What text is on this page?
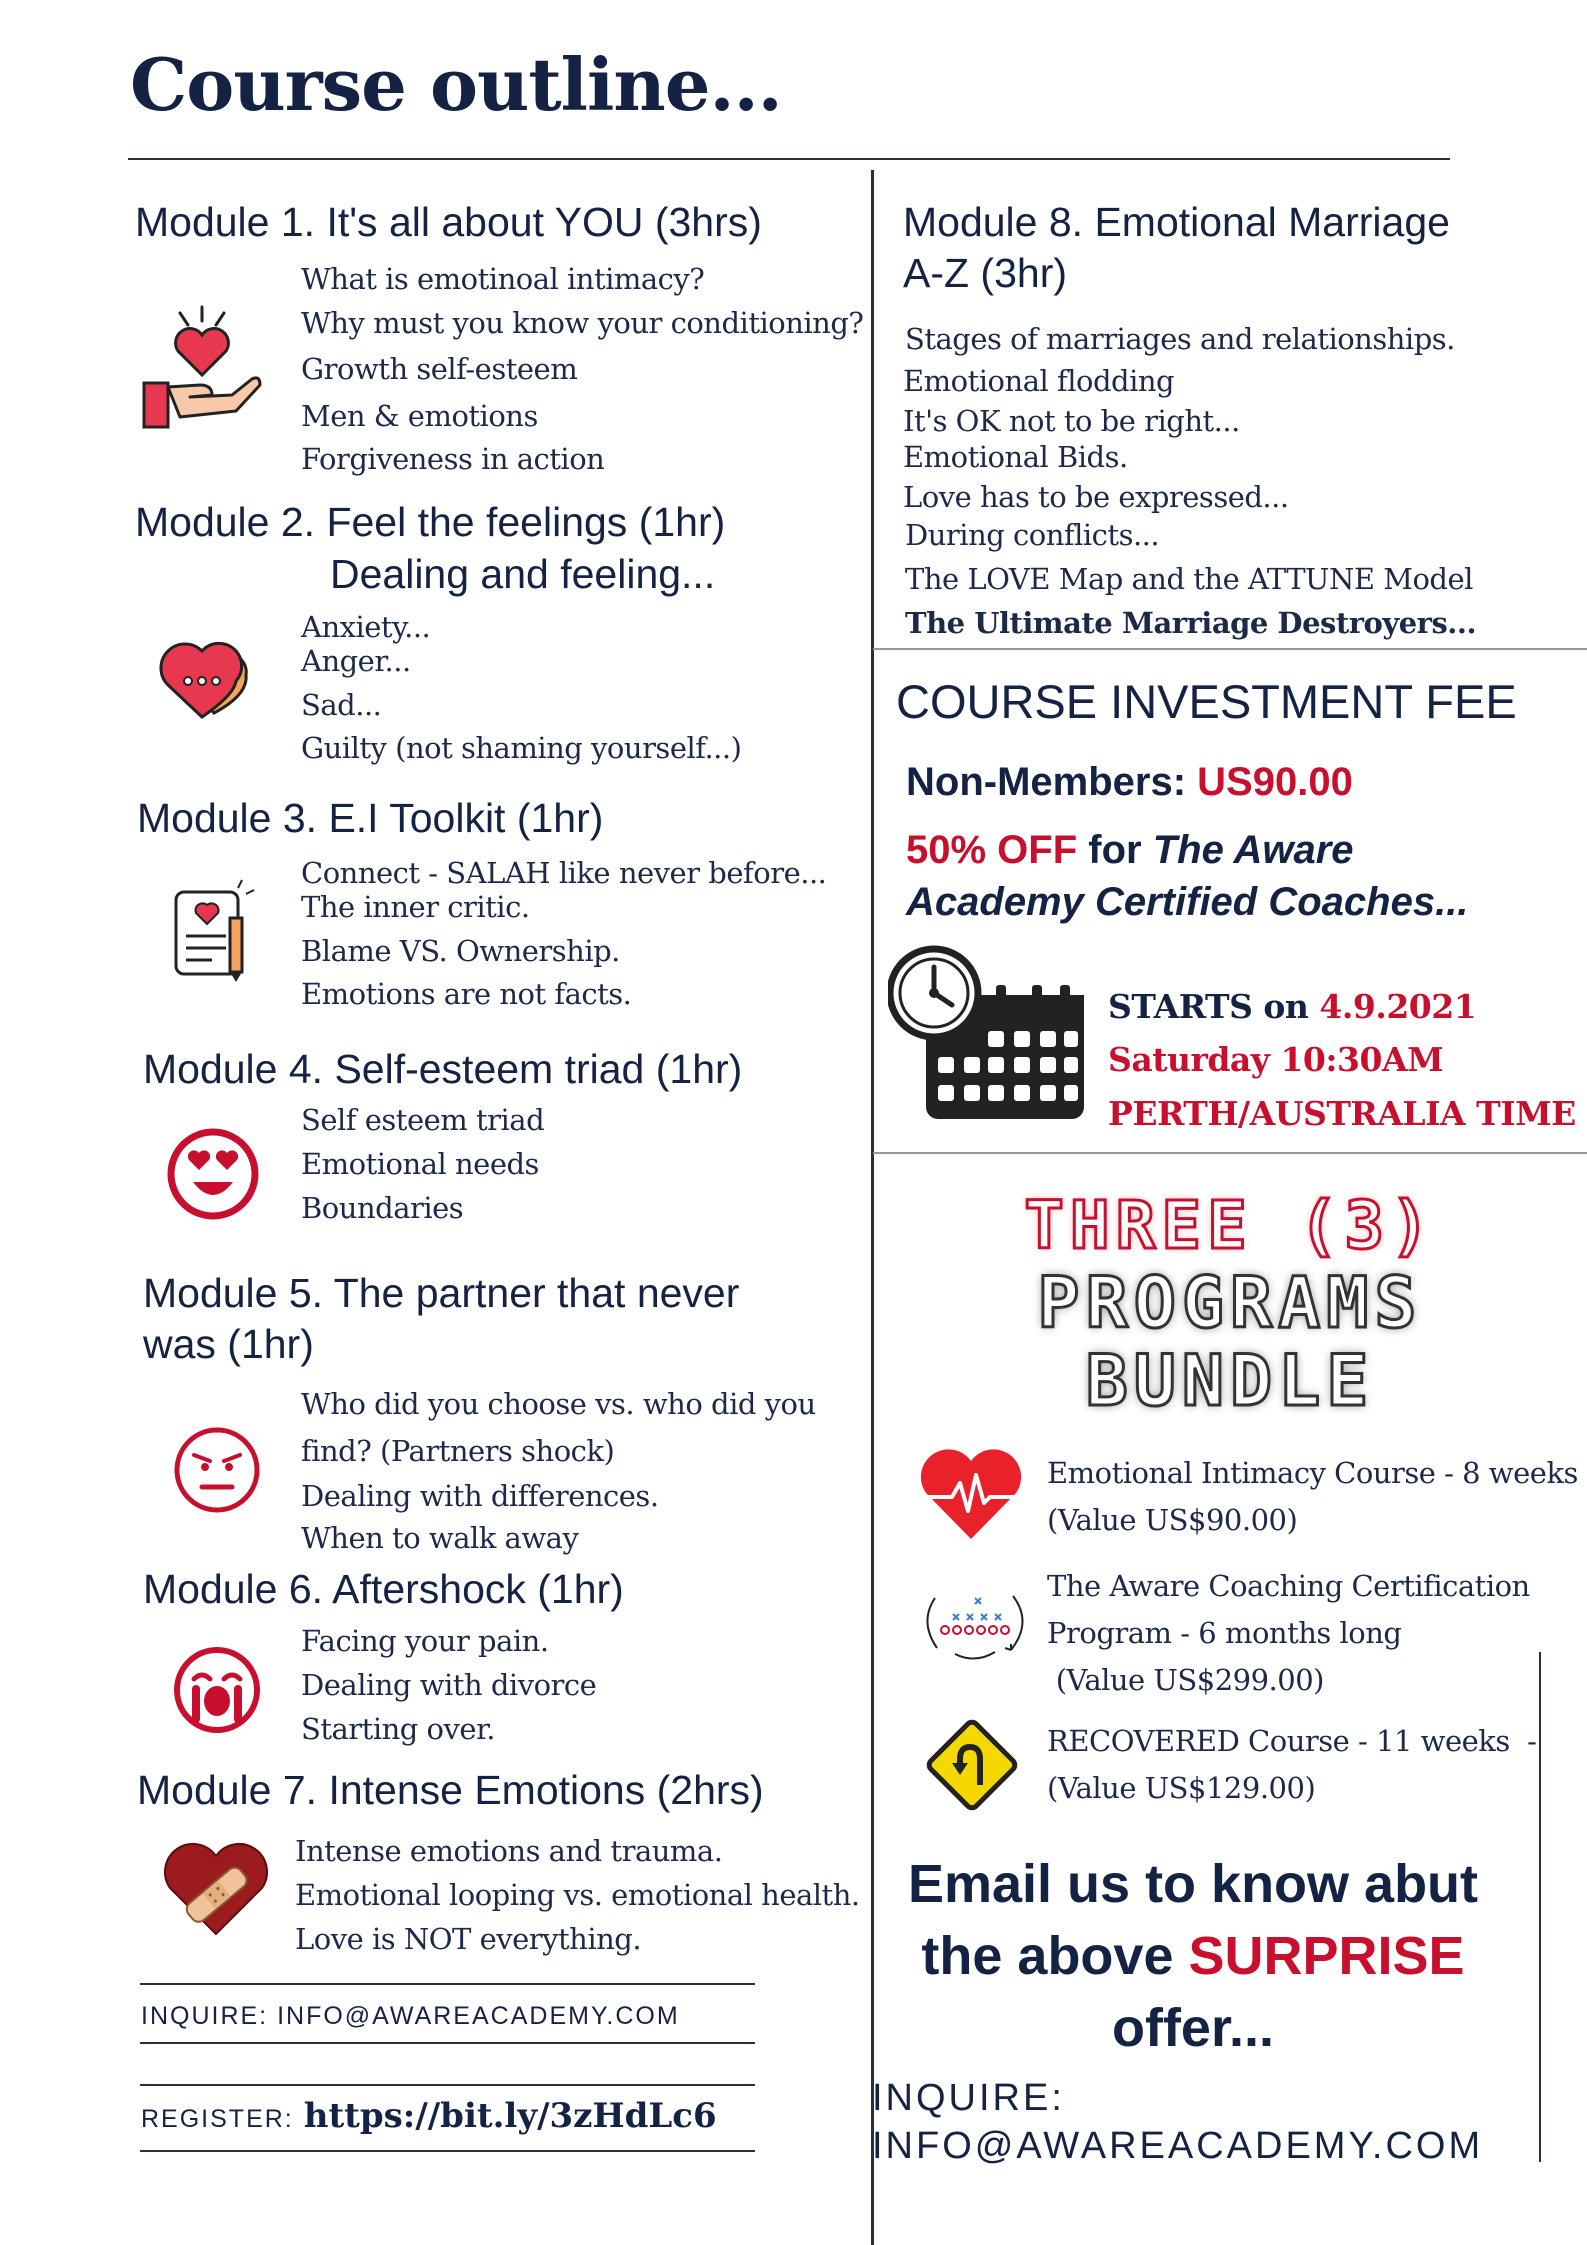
Course outline...
Module 1. It's all about YOU (3hrs)
What is emotinoal intimacy?
Why must you know your conditioning?
Growth self-esteem
Men & emotions
Forgiveness in action
Module 2. Feel the feelings (1hr)
Dealing and feeling...
Anxiety...
Anger...
Sad...
Guilty (not shaming yourself...)
Module 3. E.I Toolkit (1hr)
Connect - SALAH like never before...
The inner critic.
Blame VS. Ownership.
Emotions are not facts.
Module 4. Self-esteem triad (1hr)
Self esteem triad
Emotional needs
Boundaries
Module 5. The partner that never
was (1hr)
Who did you choose vs. who did you
find? (Partners shock)
Dealing with differences.
When to walk away
Module 6. Aftershock (1hr)
Facing your pain.
Dealing with divorce
Starting over.
Module 7. Intense Emotions (2hrs)
Intense emotions and trauma.
Emotional looping vs. emotional health.
Love is NOT everything.
INQUIRE: INFO@AWAREACADEMY.COM
REGISTER: https://bit.ly/3zHdLc6
Module 8. Emotional Marriage
A-Z (3hr)
Stages of marriages and relationships.
Emotional flodding
It's OK not to be right...
Emotional Bids.
Love has to be expressed...
During conflicts...
The LOVE Map and the ATTUNE Model
The Ultimate Marriage Destroyers...
COURSE INVESTMENT FEE
Non-Members: US90.00
50% OFF for The Aware
Academy Certified Coaches...
STARTS on 4.9.2021
Saturday 10:30AM
PERTH/AUSTRALIA TIME
THREE (3)
PROGRAMS
BUNDLE
Emotional Intimacy Course - 8 weeks
(Value US$90.00)
The Aware Coaching Certification
Program - 6 months long
(Value US$299.00)
RECOVERED Course - 11 weeks  -
(Value US$129.00)
Email us to know abut
the above SURPRISE
offer...
INQUIRE:
INFO@AWAREACADEMY.COM
